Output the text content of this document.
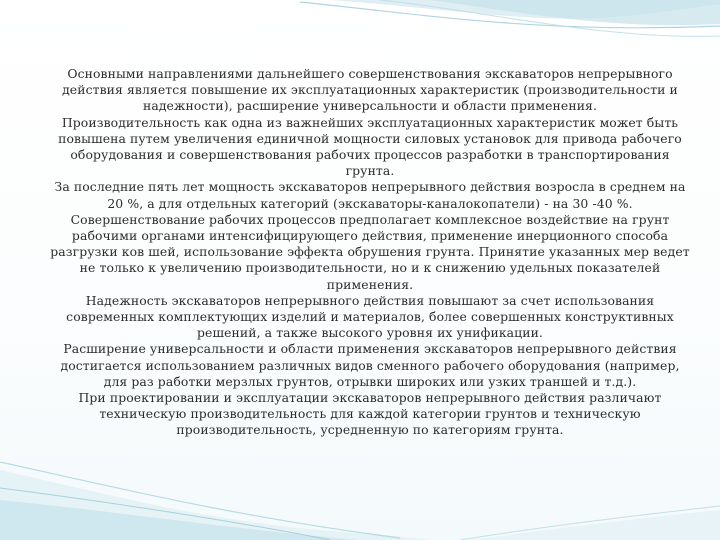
Основными направлениями дальнейшего совершенствования экскаваторов непрерывного действия является повышение их эксплуатационных характеристик (производительности и надежности), расширение универсальности и области применения.

Производительность как одна из важнейших эксплуатационных характеристик может быть повышена путем увеличения единичной мощности силовых установок для привода рабочего оборудования и совершенствования рабочих процессов разработки в транспортирования грунта.

За последние пять лет мощность экскаваторов непрерывного действия возросла в среднем на 20 %, а для отдельных категорий (экскаваторы-каналокопатели) - на 30 -40 %.

Совершенствование рабочих процессов предполагает комплексное воздействие на грунт рабочими органами интенсифицирующего действия, применение инерционного способа разгрузки ков шей, использование эффекта обрушения грунта. Принятие указанных мер ведет не только к увеличению производительности, но и к снижению удельных показателей применения.

Надежность экскаваторов непрерывного действия повышают за счет использования современных комплектующих изделий и материалов, более совершенных конструктивных решений, а также высокого уровня их унификации.

Расширение универсальности и области применения экскаваторов непрерывного действия достигается использованием различных видов сменного рабочего оборудования (например, для раз работки мерзлых грунтов, отрывки широких или узких траншей и т.д.).

При проектировании и эксплуатации экскаваторов непрерывного действия различают техническую производительность для каждой категории грунтов и техническую производительность, усредненную по категориям грунта.
